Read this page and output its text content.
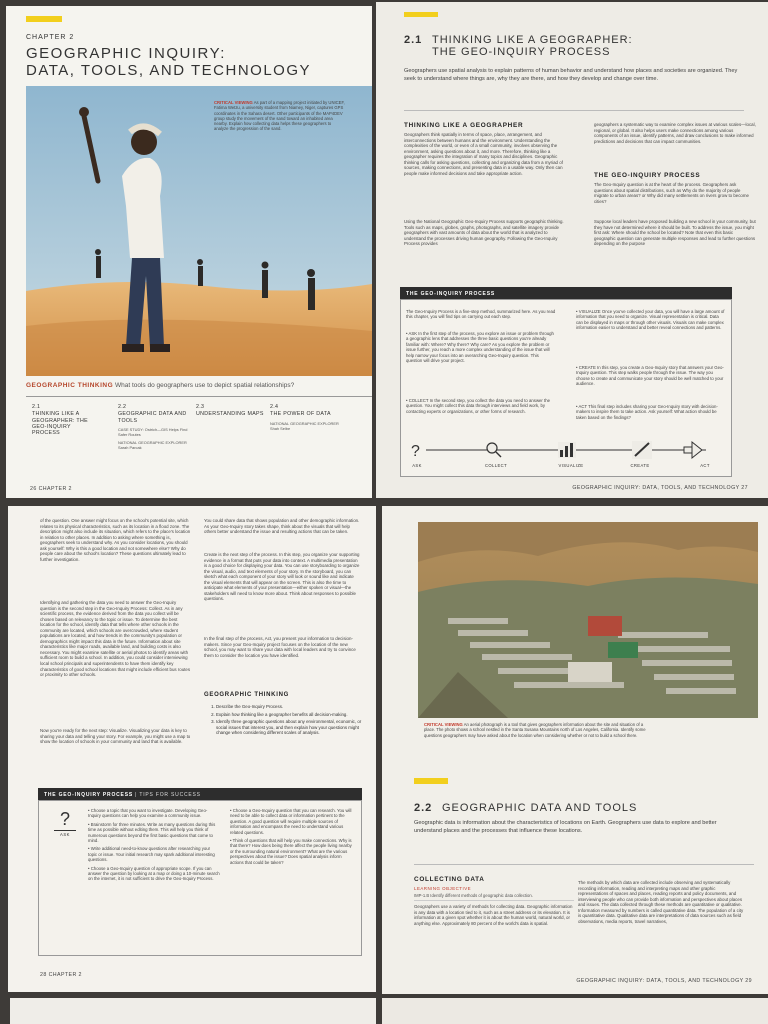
CHAPTER 2
GEOGRAPHIC INQUIRY:
DATA, TOOLS, AND TECHNOLOGY
CRITICAL VIEWING As part of a mapping project initiated by UNICEF, Fatima Wetzu, a university student from Niamey, Niger, captures GPS coordinates in the Sahara desert. Other participants of the MAP4DEV group study the movement of the sand toward an inhabited area nearby. Explain how collecting data helps these geographers to analyze the progression of the sand.
GEOGRAPHIC THINKING What tools do geographers use to depict spatial relationships?
2.1
THINKING LIKE A GEOGRAPHER: THE GEO-INQUIRY PROCESS
2.2
GEOGRAPHIC DATA AND TOOLS
CASE STUDY: Ostrich—GIS Helps Find Safer Routes
NATIONAL GEOGRAPHIC EXPLORER Sarah Parcak
2.3
UNDERSTANDING MAPS
2.4
THE POWER OF DATA
NATIONAL GEOGRAPHIC EXPLORER Shah Selbe
26 CHAPTER 2
2.1 THINKING LIKE A GEOGRAPHER:
THE GEO-INQUIRY PROCESS
Geographers use spatial analysis to explain patterns of human behavior and understand how places and societies are organized. They seek to understand where things are, why they are there, and how they develop and change over time.
THINKING LIKE A GEOGRAPHER
Geographers think spatially in terms of space, place, arrangement, and interconnections between humans and the environment. Understanding the complexities of the world, or even of a small community, involves observing the environment, asking questions about it, and more. Therefore, thinking like a geographer requires the integration of many topics and disciplines. Geographic thinking calls for asking questions, collecting and organizing data from a myriad of sources, making connections, and presenting data in a usable way. Only then can people make informed decisions and take appropriate action.
Using the National Geographic Geo-Inquiry Process supports geographic thinking. Tools such as maps, globes, graphs, photographs, and satellite imagery provide geographers with vast amounts of data about the world that is analyzed to understand the processes driving human geography. Following the Geo-Inquiry Process provides
geographers a systematic way to examine complex issues at various scales—local, regional, or global. It also helps users make connections among various components of an issue, identify patterns, and draw conclusions to make informed predictions and decisions that can impact communities.
THE GEO-INQUIRY PROCESS
The Geo-Inquiry question is at the heart of the process. Geographers ask questions about spatial distributions, such as Why do the majority of people migrate to urban areas? or Why did many settlements on rivers grow to become cities?
Suppose local leaders have proposed building a new school in your community, but they have not determined where it should be built. To address the issue, you might first ask: Where should the school be located? Note that even this basic geographic question can generate multiple responses and lead to further questions depending on the purpose
THE GEO-INQUIRY PROCESS
The Geo-Inquiry Process is a five-step method, summarized here. As you read this chapter, you will find tips on carrying out each step.
• ASK In the first step of the process, you explore an issue or problem through a geographic lens that addresses the three basic questions you're already familiar with: Where? Why there? Why care? As you explore the problem or issue further, you reach a more complex understanding of the issue that will help narrow your focus into an overarching Geo-Inquiry question. This question will drive your project.
• COLLECT In the second step, you collect the data you need to answer the question. You might collect this data through interviews and field work, by contacting experts or organizations, or other forms of research.
• VISUALIZE Once you've collected your data, you will have a large amount of information that you need to organize. Visual representation is critical. Data can be displayed in maps or through other visuals. Visuals can make complex information easier to understand and better reveal connections and patterns.
• CREATE In this step, you create a Geo-Inquiry story that answers your Geo-Inquiry question. This step walks people through the issue. The way you choose to create and communicate your story should be well matched to your audience.
• ACT This final step includes sharing your Geo-Inquiry story with decision-makers to inspire them to take action. Ask yourself: What action should be taken based on the findings?
?
ASK	COLLECT	VISUALIZE	CREATE	ACT
GEOGRAPHIC INQUIRY: DATA, TOOLS, AND TECHNOLOGY 27
of the question. One answer might focus on the school's potential site, which relates to its physical characteristics, such as its location in a flood zone. The description might also include its situation, which refers to the place's location in relation to other places. In addition to asking where something is, geographers seek to understand why. As you consider locations, you should ask yourself: Why is this a good location and not somewhere else? Why do people care about the school's location? These questions ultimately lead to further investigation.
Identifying and gathering the data you need to answer the Geo-Inquiry question is the second step in the Geo-Inquiry Process: Collect. As in any scientific process, the evidence derived from the data you collect will be chosen based on relevancy to the topic or issue. To determine the best location for the school, identify data that tells where other schools in the community are located, which schools are overcrowded, where student populations are located, and how trends in the community's population or demographics might impact this data in the future. Information about site characteristics like major roads, available land, and building costs is also necessary. You might examine satellite or aerial photos to identify areas with sufficient room to build a school. In addition, you could consider interviewing local school principals and superintendents to have them identify key characteristics of good school locations that might include efficient bus routes or proximity to other schools.
Now you're ready for the next step: Visualize. Visualizing your data is key to sharing your data and telling your story. For example, you might use a map to show the location of schools in your community and land that is available.
You could share data that shows population and other demographic information. As your Geo-Inquiry story takes shape, think about the visuals that will help others better understand the issue and resulting actions that can be taken.
Create is the next step of the process. In this step, you organize your supporting evidence in a format that puts your data into context. A multimedia presentation is a good choice for displaying your data. You can use storyboarding to organize the visual, audio, and text elements of your story. In the storyboard, you can sketch what each component of your story will look or sound like and indicate the visual elements that will appear on the screen. This is also the time to anticipate what elements of your presentation—either spoken or visual—the stakeholders will need to know more about. Think about responses to possible questions.
In the final step of the process, Act, you present your information to decision-makers. Since your Geo-Inquiry project focuses on the location of the new school, you may want to share your data with local leaders and try to convince them to consider the location you have identified.
GEOGRAPHIC THINKING
1. Describe the Geo-Inquiry Process.
2. Explain how thinking like a geographer benefits all decision-making.
3. Identify three geographic questions about any environmental, economic, or social issues that interest you, and then explain how your questions might change when considering different scales of analysis.
THE GEO-INQUIRY PROCESS | TIPS FOR SUCCESS
?
ASK
• Choose a topic that you want to investigate. Developing Geo-Inquiry questions can help you examine a community issue.
• Brainstorm for three minutes. Write as many questions during this time as possible without editing them. This will help you think of numerous questions beyond the first basic questions that come to mind.
• Write additional need-to-know questions after researching your topic or issue. Your initial research may spark additional interesting questions.
• Choose a Geo-Inquiry question of appropriate scope. If you can answer the question by looking at a map or doing a 10-minute search on the internet, it is not sufficient to drive the Geo-Inquiry Process.
• Choose a Geo-Inquiry question that you can research. You will need to be able to collect data or information pertinent to the question. A good question will require multiple sources of information and encompass the need to understand various related questions.
• Think of questions that will help you make connections. Why is that there? How does being there affect the people living nearby or the surrounding natural environment? What are the various perspectives about the issue? Does spatial analysis inform actions that could be taken?
28 CHAPTER 2
CRITICAL VIEWING An aerial photograph is a tool that gives geographers information about the site and situation of a place. The photo shows a school nestled in the Santa Susana Mountains north of Los Angeles, California. Identify some questions geographers may have asked about the location when considering whether or not to build a school there.
2.2 GEOGRAPHIC DATA AND TOOLS
Geographic data is information about the characteristics of locations on Earth. Geographers use data to explore and better understand places and the processes that influence these locations.
COLLECTING DATA
LEARNING OBJECTIVE
IMP-1.B Identify different methods of geographic data collection.
Geographers use a variety of methods for collecting data. Geographic information is any data with a location tied to it, such as a street address or its elevation. It is information at a given spot whether it is about the human world, natural world, or anything else. Approximately 80 percent of the world's data is spatial.
The methods by which data are collected include observing and systematically recording information, reading and interpreting maps and other graphic representations of spaces and places, reading reports and policy documents, and interviewing people who can provide both information and perspectives about places and issues. The data collected through these methods are quantitative or qualitative. Information measured by numbers is called quantitative data. The population of a city is quantitative data. Qualitative data are interpretations of data sources such as field observations, media reports, travel narratives,
GEOGRAPHIC INQUIRY: DATA, TOOLS, AND TECHNOLOGY 29
